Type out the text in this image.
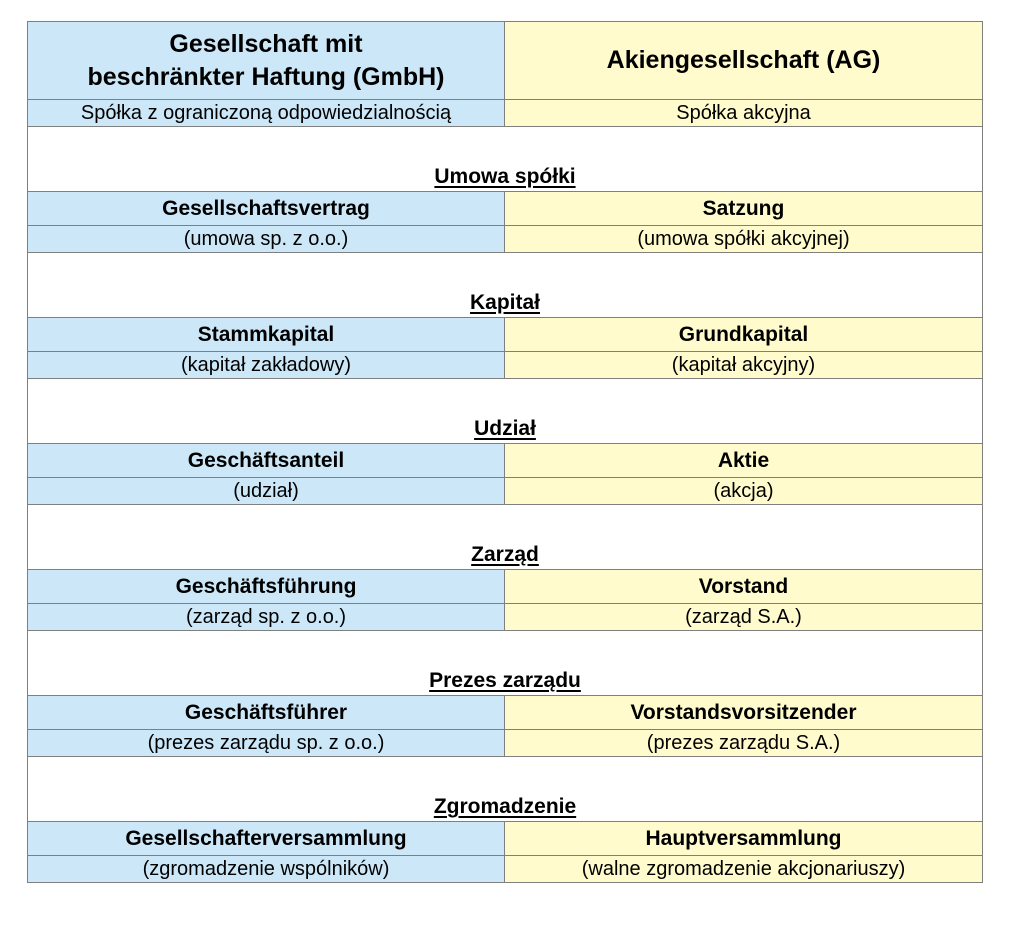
Gesellschaft mit
beschränkter Haftung (GmbH)	Akiengesellschaft (AG)
Spółka z ograniczoną odpowiedzialnością	Spółka akcyjna
Umowa spółki	
Gesellschaftsvertrag	Satzung
(umowa sp. z o.o.)	(umowa spółki akcyjnej)
Kapitał	
Stammkapital	Grundkapital
(kapitał zakładowy)	(kapitał akcyjny)
Udział	
Geschäftsanteil	Aktie
(udział)	(akcja)
Zarząd	
Geschäftsführung	Vorstand
(zarząd sp. z o.o.)	(zarząd S.A.)
Prezes zarządu	
Geschäftsführer	Vorstandsvorsitzender
(prezes zarządu sp. z o.o.)	(prezes zarządu S.A.)
Zgromadzenie	
Gesellschafterversammlung	Hauptversammlung
(zgromadzenie wspólników)	(walne zgromadzenie akcjonariuszy)
